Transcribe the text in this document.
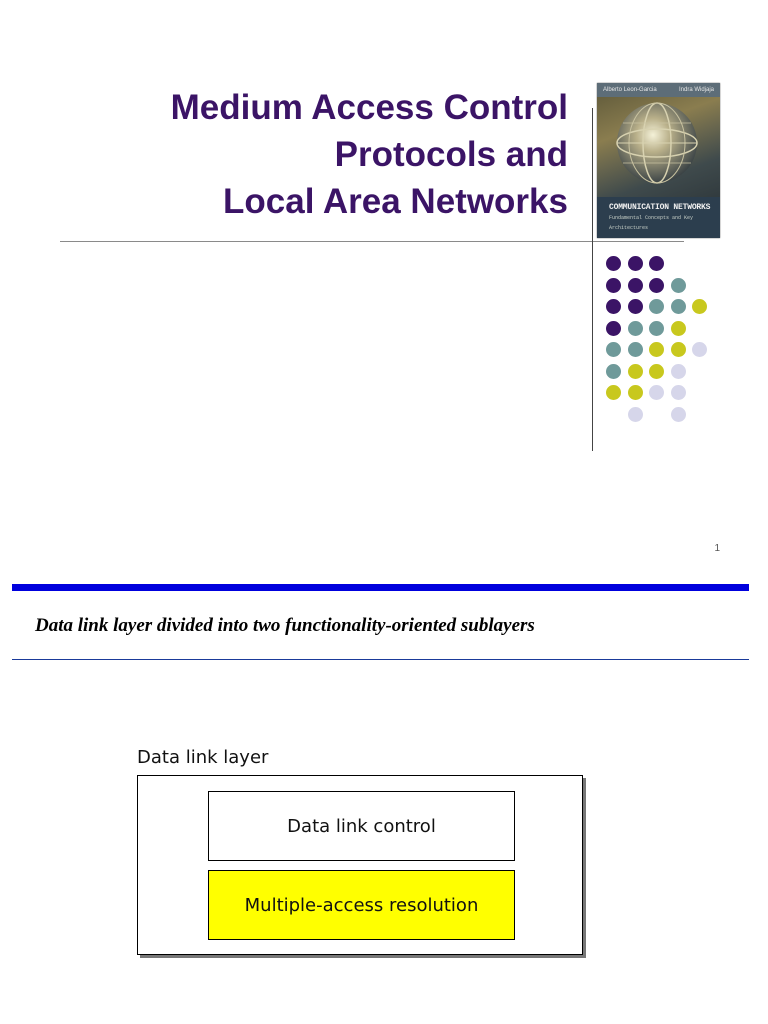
Medium Access Control
Protocols and
Local Area Networks
Alberto Leon-Garcia	Indra Widjaja
COMMUNICATION NETWORKS
Fundamental Concepts and Key Architectures
1
Data link layer divided into two functionality-oriented sublayers
Data link layer
Data link control
Multiple-access resolution
